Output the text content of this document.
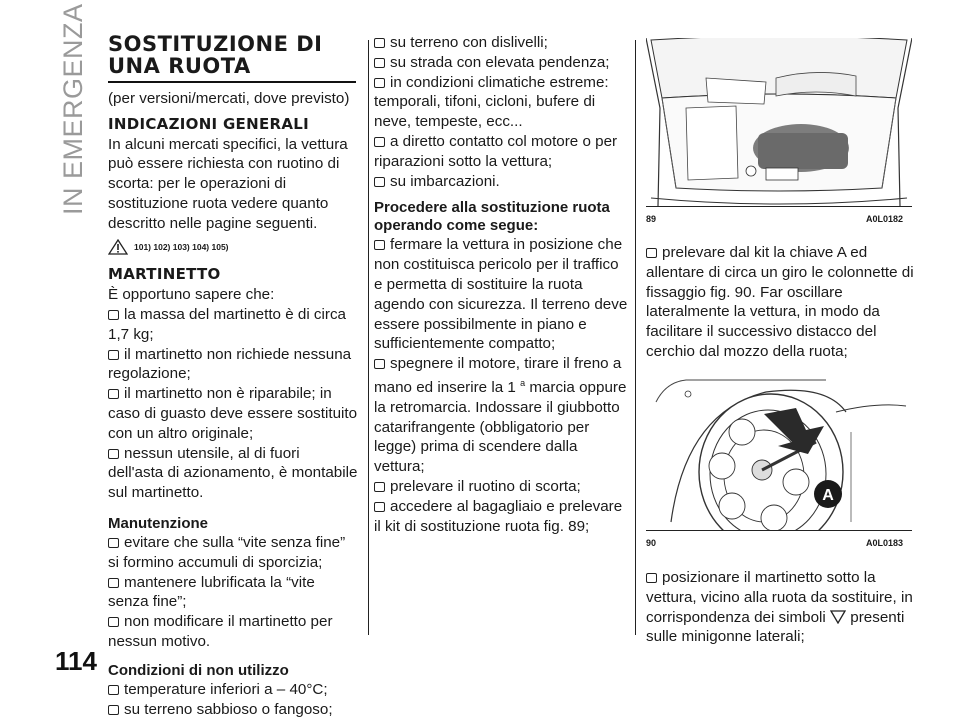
IN EMERGENZA
114

SOSTITUZIONE DI

UNA RUOTA

(per versioni/mercati, dove previsto)

INDICAZIONI GENERALI

In alcuni mercati specifici, la vettura può essere richiesta con ruotino di scorta: per le operazioni di sostituzione ruota vedere quanto descritto nelle pagine seguenti.

101) 102) 103) 104) 105)

MARTINETTO

È opportuno sapere che:

la massa del martinetto è di circa 1,7 kg;

il martinetto non richiede nessuna regolazione;

il martinetto non è riparabile; in caso di guasto deve essere sostituito con un altro originale;

nessun utensile, al di fuori dell'asta di azionamento, è montabile sul martinetto.

Manutenzione

evitare che sulla “vite senza fine” si formino accumuli di sporcizia;

mantenere lubrificata la “vite senza fine”;

non modificare il martinetto per nessun motivo.

Condizioni di non utilizzo

temperature inferiori a – 40°C;

su terreno sabbioso o fangoso;

su terreno con dislivelli;

su strada con elevata pendenza;

in condizioni climatiche estreme: temporali, tifoni, cicloni, bufere di neve, tempeste, ecc...

a diretto contatto col motore o per riparazioni sotto la vettura;

su imbarcazioni.

Procedere alla sostituzione ruota operando come segue:

fermare la vettura in posizione che non costituisca pericolo per il traffico e permetta di sostituire la ruota agendo con sicurezza. Il terreno deve essere possibilmente in piano e sufficientemente compatto;

spegnere il motore, tirare il freno a mano ed inserire la 1 $^a$ marcia oppure la retromarcia. Indossare il giubbotto catarifrangente (obbligatorio per legge) prima di scendere dalla vettura;

prelevare il ruotino di scorta;

accedere al bagagliaio e prelevare il kit di sostituzione ruota fig. 89;

89	A0L0182

prelevare dal kit la chiave A ed allentare di circa un giro le colonnette di fissaggio fig. 90. Far oscillare lateralmente la vettura, in modo da facilitare il successivo distacco del cerchio dal mozzo della ruota;

A
90	A0L0183

posizionare il martinetto sotto la vettura, vicino alla ruota da sostituire, in corrispondenza dei simboli presenti sulle minigonne laterali;
